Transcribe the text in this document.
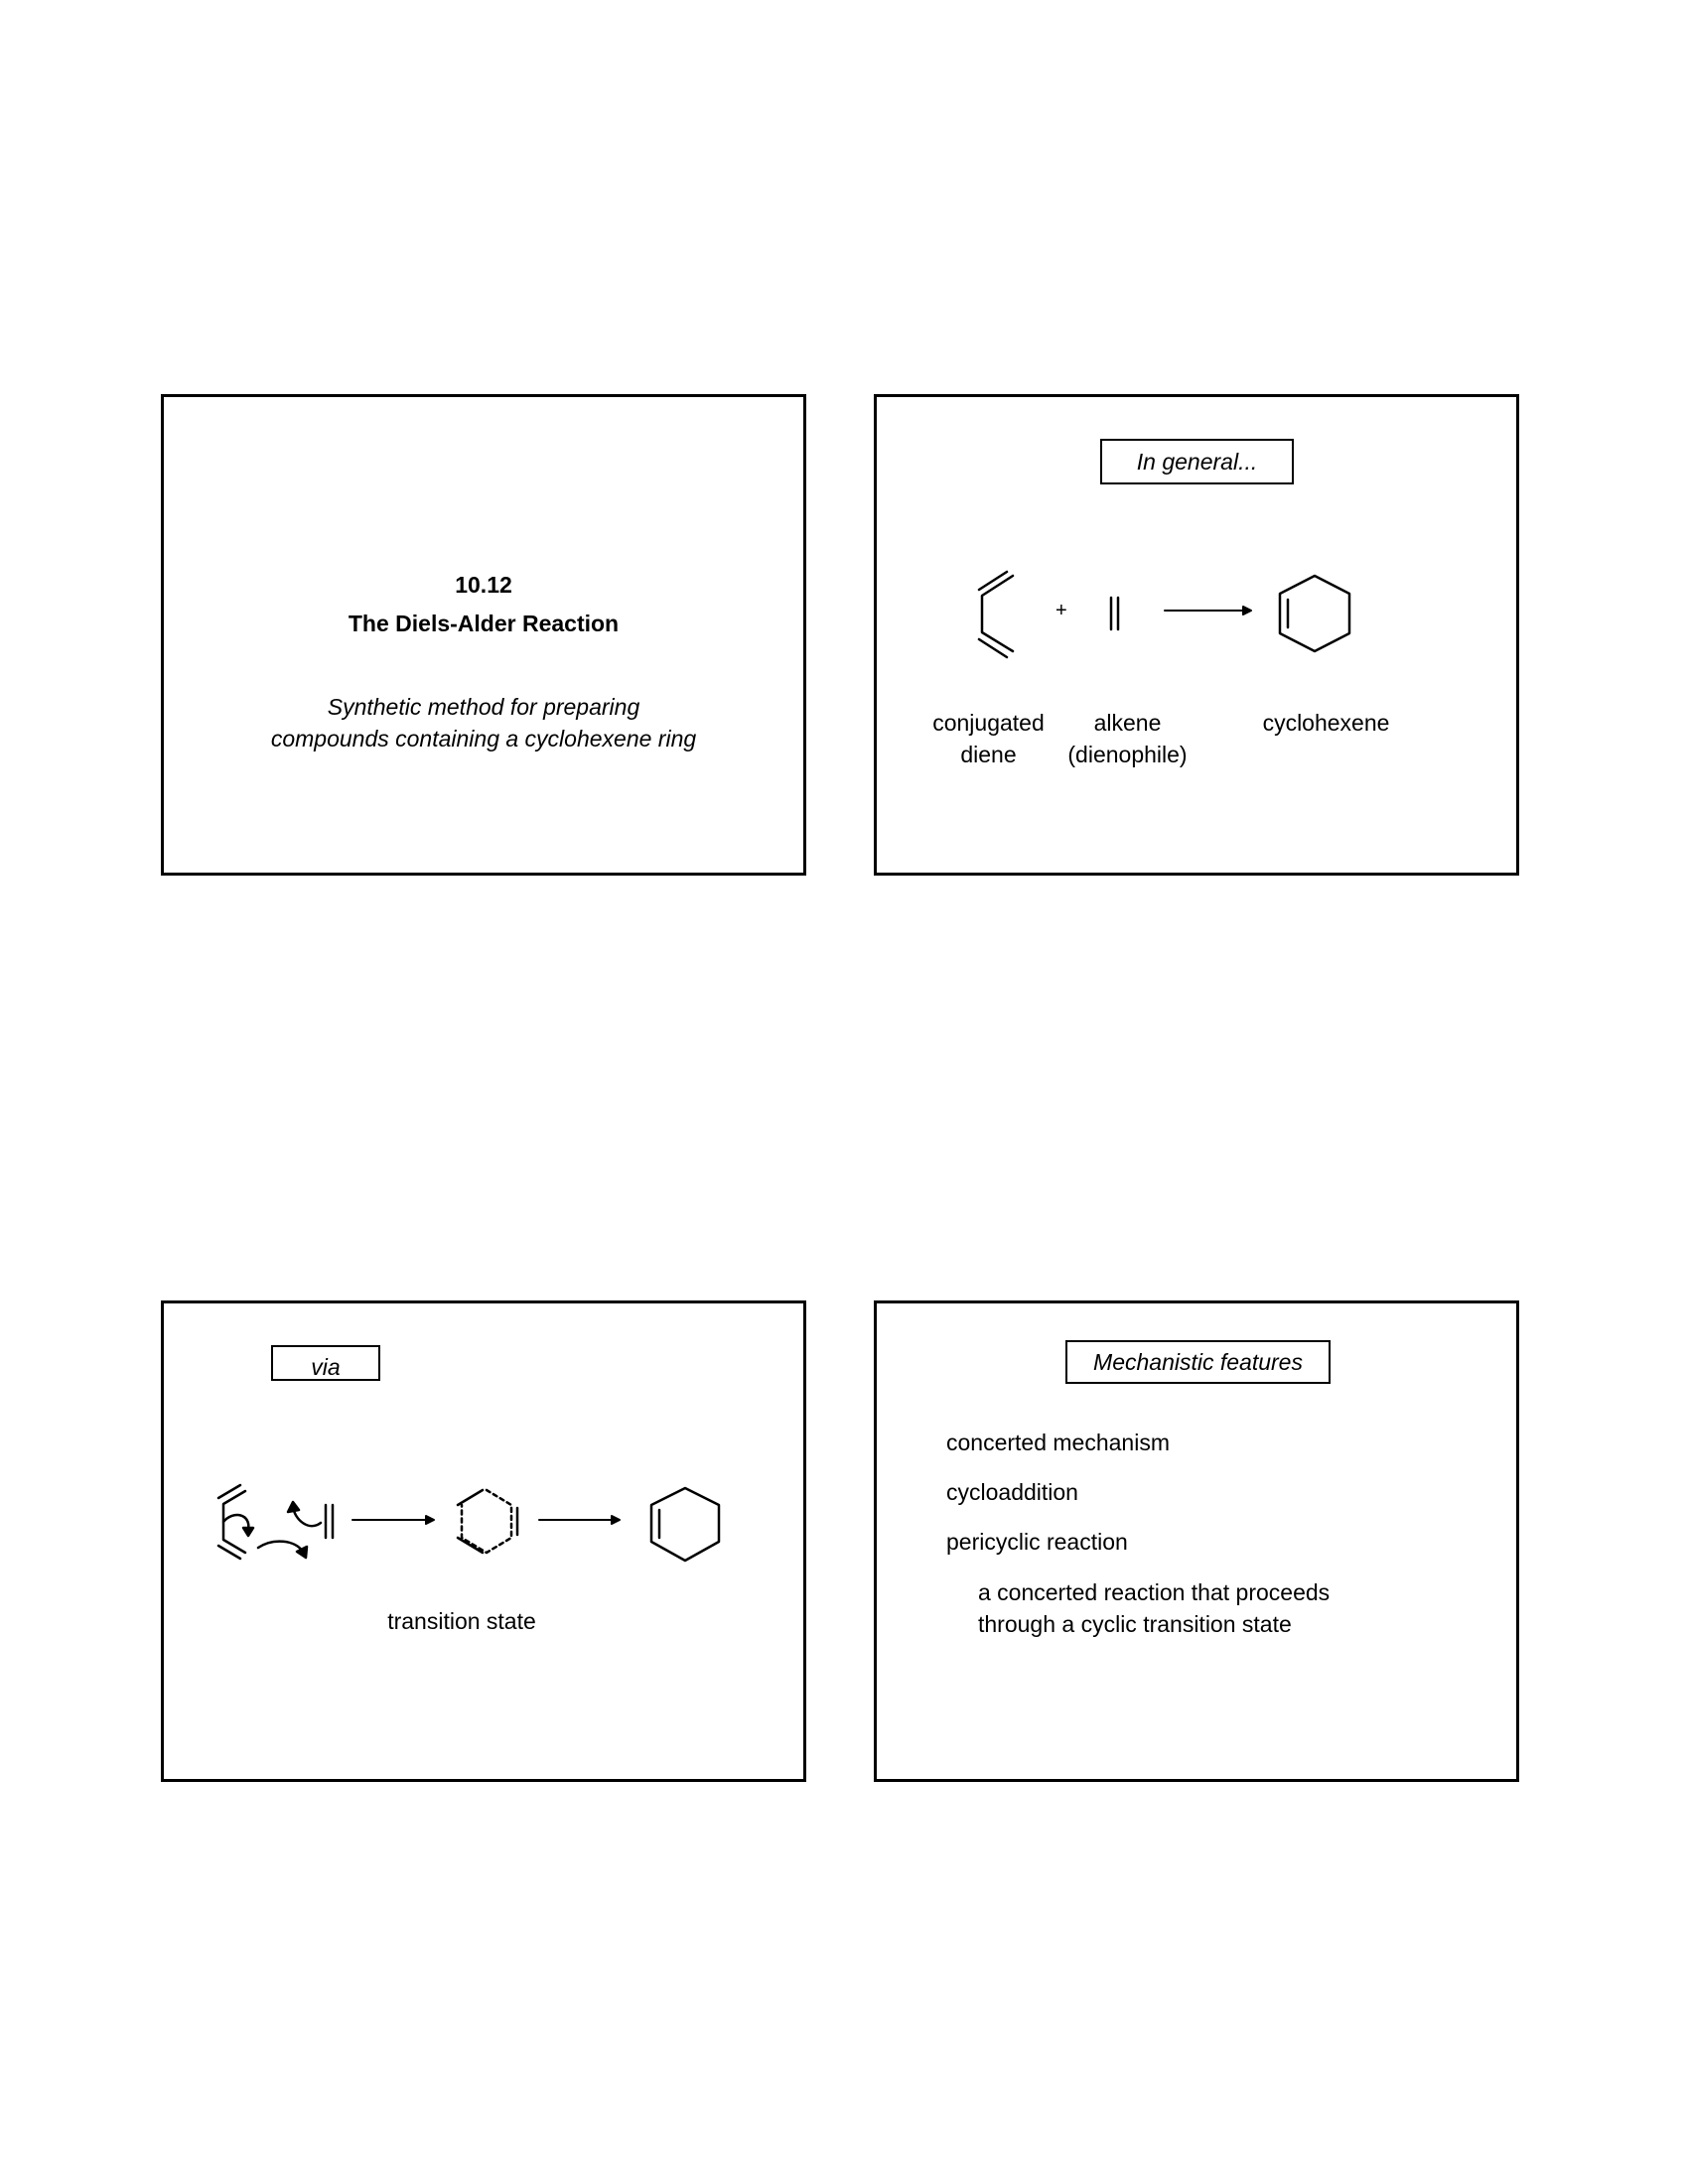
10.12
The Diels-Alder Reaction
Synthetic method for preparing
compounds containing a cyclohexene ring
In general...
+
conjugated
diene
alkene
(dienophile)
cyclohexene
via
transition state
Mechanistic features
concerted mechanism
cycloaddition
pericyclic reaction
a concerted reaction that proceeds
through a cyclic transition state
